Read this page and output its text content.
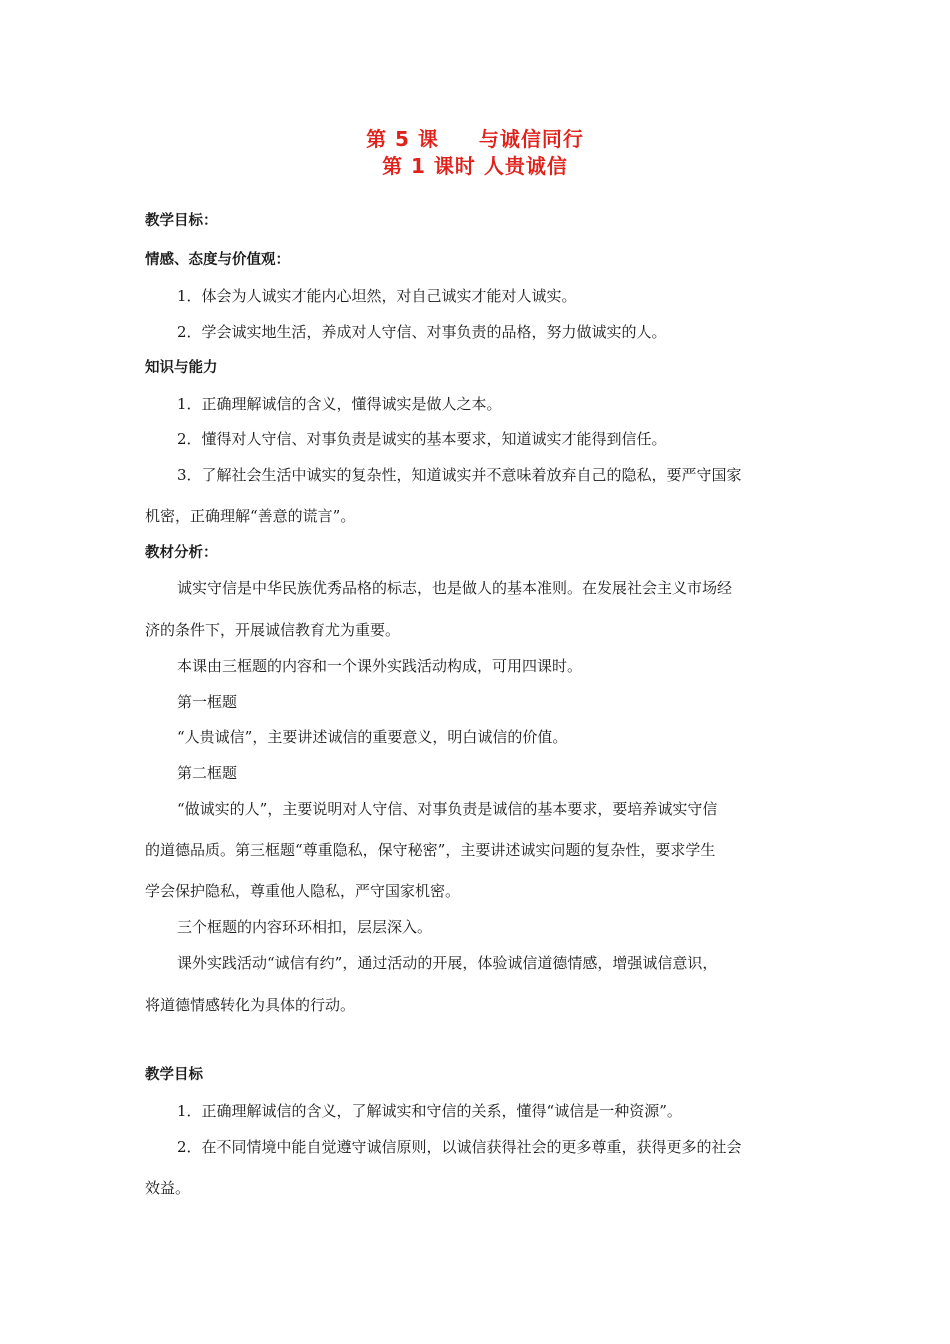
第 5 课 与诚信同行
第 1 课时 人贵诚信
教学目标：
情感、态度与价值观：
1．体会为人诚实才能内心坦然，对自己诚实才能对人诚实。
2．学会诚实地生活，养成对人守信、对事负责的品格，努力做诚实的人。
知识与能力
1．正确理解诚信的含义，懂得诚实是做人之本。
2．懂得对人守信、对事负责是诚实的基本要求，知道诚实才能得到信任。
3．了解社会生活中诚实的复杂性，知道诚实并不意味着放弃自己的隐私，要严守国家
机密，正确理解“善意的谎言”。
教材分析：
诚实守信是中华民族优秀品格的标志，也是做人的基本准则。在发展社会主义市场经
济的条件下，开展诚信教育尤为重要。
本课由三框题的内容和一个课外实践活动构成，可用四课时。
第一框题
“人贵诚信”，主要讲述诚信的重要意义，明白诚信的价值。
第二框题
“做诚实的人”，主要说明对人守信、对事负责是诚信的基本要求，要培养诚实守信
的道德品质。第三框题“尊重隐私，保守秘密”，主要讲述诚实问题的复杂性，要求学生
学会保护隐私，尊重他人隐私，严守国家机密。
三个框题的内容环环相扣，层层深入。
课外实践活动“诚信有约”，通过活动的开展，体验诚信道德情感，增强诚信意识，
将道德情感转化为具体的行动。
教学目标
1．正确理解诚信的含义，了解诚实和守信的关系，懂得“诚信是一种资源”。
2．在不同情境中能自觉遵守诚信原则，以诚信获得社会的更多尊重，获得更多的社会
效益。
